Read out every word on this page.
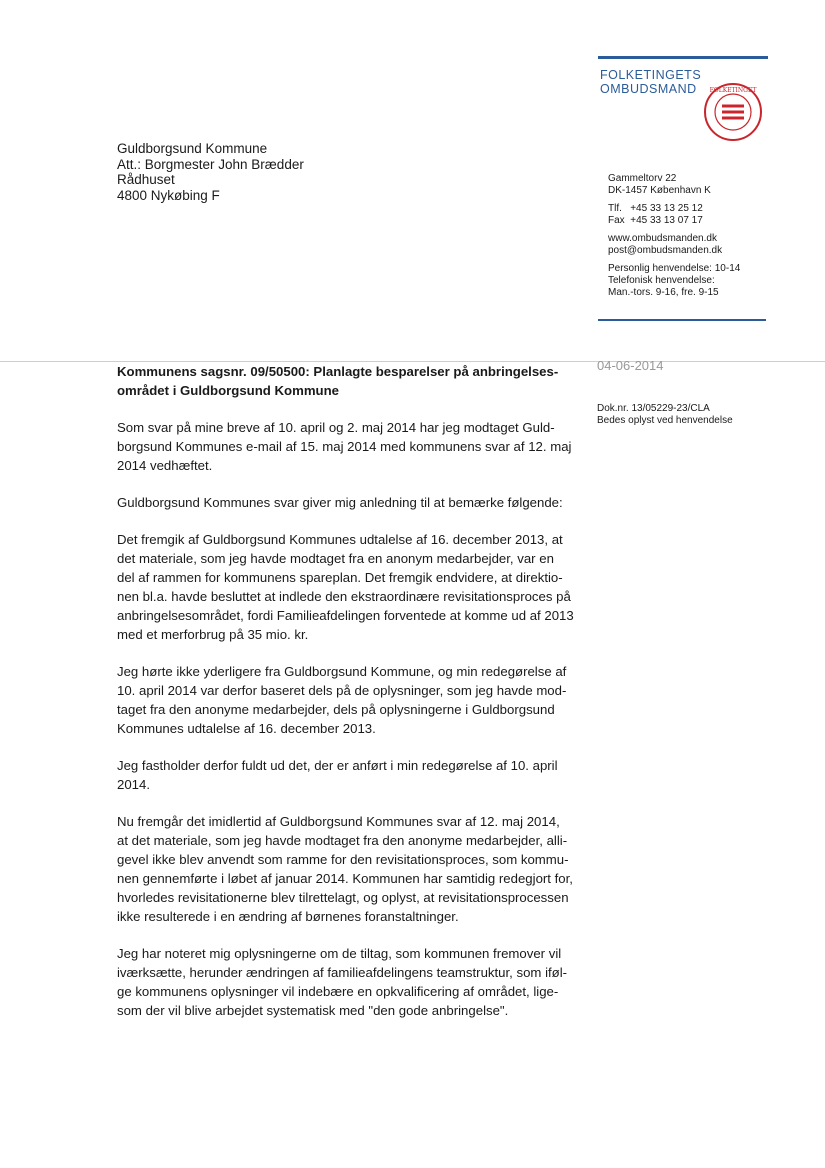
FOLKETINGETS
OMBUDSMAND	FOLKETINGET
Guldborgsund Kommune
Att.: Borgmester John Brædder
Rådhuset
4800 Nykøbing F
Gammeltorv 22
DK-1457 København K
Tlf.   +45 33 13 25 12
Fax  +45 33 13 07 17
www.ombudsmanden.dk
post@ombudsmanden.dk
Personlig henvendelse: 10-14
Telefonisk henvendelse:
Man.-tors. 9-16, fre. 9-15
04-06-2014
Dok.nr. 13/05229-23/CLA
Bedes oplyst ved henvendelse
Kommunens sagsnr. 09/50500: Planlagte besparelser på anbringelses-
området i Guldborgsund Kommune

Som svar på mine breve af 10. april og 2. maj 2014 har jeg modtaget Guld-
borgsund Kommunes e-mail af 15. maj 2014 med kommunens svar af 12. maj
2014 vedhæftet.

Guldborgsund Kommunes svar giver mig anledning til at bemærke følgende:

Det fremgik af Guldborgsund Kommunes udtalelse af 16. december 2013, at
det materiale, som jeg havde modtaget fra en anonym medarbejder, var en
del af rammen for kommunens spareplan. Det fremgik endvidere, at direktio-
nen bl.a. havde besluttet at indlede den ekstraordinære revisitationsproces på
anbringelsesområdet, fordi Familieafdelingen forventede at komme ud af 2013
med et merforbrug på 35 mio. kr.

Jeg hørte ikke yderligere fra Guldborgsund Kommune, og min redegørelse af
10. april 2014 var derfor baseret dels på de oplysninger, som jeg havde mod-
taget fra den anonyme medarbejder, dels på oplysningerne i Guldborgsund
Kommunes udtalelse af 16. december 2013.

Jeg fastholder derfor fuldt ud det, der er anført i min redegørelse af 10. april
2014.

Nu fremgår det imidlertid af Guldborgsund Kommunes svar af 12. maj 2014,
at det materiale, som jeg havde modtaget fra den anonyme medarbejder, alli-
gevel ikke blev anvendt som ramme for den revisitationsproces, som kommu-
nen gennemførte i løbet af januar 2014. Kommunen har samtidig redegjort for,
hvorledes revisitationerne blev tilrettelagt, og oplyst, at revisitationsprocessen
ikke resulterede i en ændring af børnenes foranstaltninger.

Jeg har noteret mig oplysningerne om de tiltag, som kommunen fremover vil
iværksætte, herunder ændringen af familieafdelingens teamstruktur, som iføl-
ge kommunens oplysninger vil indebære en opkvalificering af området, lige-
som der vil blive arbejdet systematisk med "den gode anbringelse".
